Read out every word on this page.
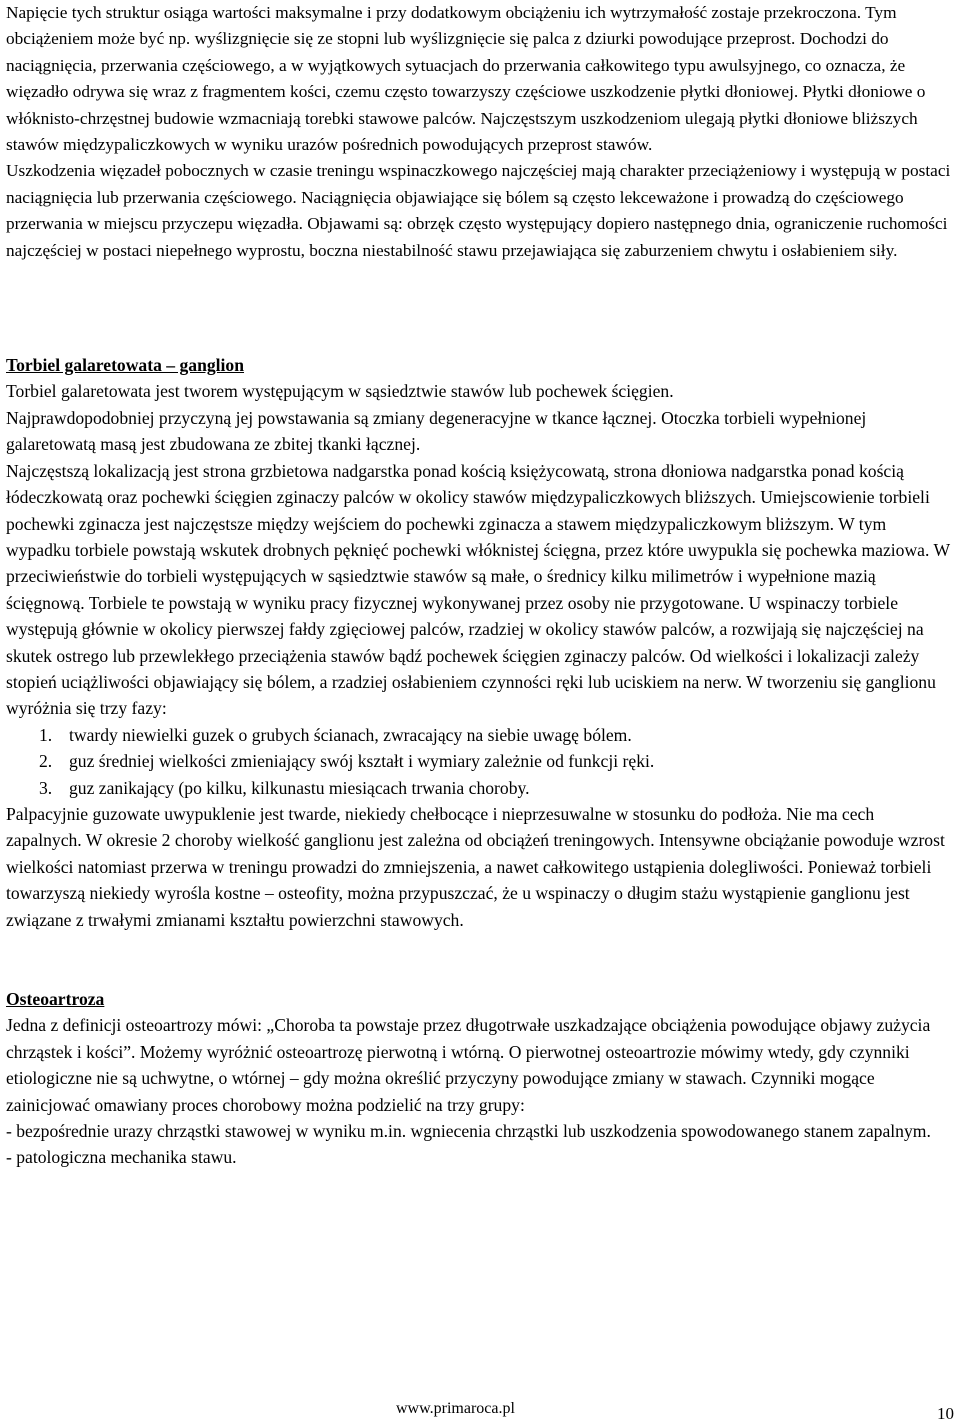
Napięcie tych struktur osiąga wartości maksymalne i przy dodatkowym obciążeniu ich wytrzymałość zostaje przekroczona. Tym obciążeniem może być np. wyślizgnięcie się ze stopni lub wyślizgnięcie się palca z dziurki powodujące przeprost. Dochodzi do naciągnięcia, przerwania częściowego, a w wyjątkowych sytuacjach do przerwania całkowitego typu awulsyjnego, co oznacza, że więzadło odrywa się wraz z fragmentem kości, czemu często towarzyszy częściowe uszkodzenie płytki dłoniowej. Płytki dłoniowe o włóknisto-chrzęstnej budowie wzmacniają torebki stawowe palców. Najczęstszym uszkodzeniom ulegają płytki dłoniowe bliższych stawów międzypaliczkowych w wyniku urazów pośrednich powodujących przeprost stawów.

Uszkodzenia więzadeł pobocznych w czasie treningu wspinaczkowego najczęściej mają charakter przeciążeniowy i występują w postaci naciągnięcia lub przerwania częściowego. Naciągnięcia objawiające się bólem są często lekceważone i prowadzą do częściowego przerwania w miejscu przyczepu więzadła. Objawami są: obrzęk często występujący dopiero następnego dnia, ograniczenie ruchomości najczęściej w postaci niepełnego wyprostu, boczna niestabilność stawu przejawiająca się zaburzeniem chwytu i osłabieniem siły.

Torbiel galaretowata – ganglion

Torbiel galaretowata jest tworem występującym w sąsiedztwie stawów lub pochewek ścięgien.

Najprawdopodobniej przyczyną jej powstawania są zmiany degeneracyjne w tkance łącznej. Otoczka torbieli wypełnionej galaretowatą masą jest zbudowana ze zbitej tkanki łącznej.

Najczęstszą lokalizacją jest strona grzbietowa nadgarstka ponad kością księżycowatą, strona dłoniowa nadgarstka ponad kością łódeczkowatą oraz pochewki ścięgien zginaczy palców w okolicy stawów międzypaliczkowych bliższych. Umiejscowienie torbieli pochewki zginacza jest najczęstsze między wejściem do pochewki zginacza a stawem międzypaliczkowym bliższym. W tym wypadku torbiele powstają wskutek drobnych pęknięć pochewki włóknistej ścięgna, przez które uwypukla się pochewka maziowa. W przeciwieństwie do torbieli występujących w sąsiedztwie stawów są małe, o średnicy kilku milimetrów i wypełnione mazią ścięgnową. Torbiele te powstają w wyniku pracy fizycznej wykonywanej przez osoby nie przygotowane. U wspinaczy torbiele występują głównie w okolicy pierwszej fałdy zgięciowej palców, rzadziej w okolicy stawów palców, a rozwijają się najczęściej na skutek ostrego lub przewlekłego przeciążenia stawów bądź pochewek ścięgien zginaczy palców. Od wielkości i lokalizacji zależy stopień uciążliwości objawiający się bólem, a rzadziej osłabieniem czynności ręki lub uciskiem na nerw. W tworzeniu się ganglionu wyróżnia się trzy fazy:

1. twardy niewielki guzek o grubych ścianach, zwracający na siebie uwagę bólem.
2. guz średniej wielkości zmieniający swój kształt i wymiary zależnie od funkcji ręki.
3. guz zanikający (po kilku, kilkunastu miesiącach trwania choroby.

Palpacyjnie guzowate uwypuklenie jest twarde, niekiedy chełbocące i nieprzesuwalne w stosunku do podłoża. Nie ma cech zapalnych. W okresie 2 choroby wielkość ganglionu jest zależna od obciążeń treningowych. Intensywne obciążanie powoduje wzrost wielkości natomiast przerwa w treningu prowadzi do zmniejszenia, a nawet całkowitego ustąpienia dolegliwości. Ponieważ torbieli towarzyszą niekiedy wyrośla kostne – osteofity, można przypuszczać, że u wspinaczy o długim stażu wystąpienie ganglionu jest związane z trwałymi zmianami kształtu powierzchni stawowych.

Osteoartroza

Jedna z definicji osteoartrozy mówi: „Choroba ta powstaje przez długotrwałe uszkadzające obciążenia powodujące objawy zużycia chrząstek i kości”. Możemy wyróżnić osteoartrozę pierwotną i wtórną. O pierwotnej osteoartrozie mówimy wtedy, gdy czynniki etiologiczne nie są uchwytne, o wtórnej – gdy można określić przyczyny powodujące zmiany w stawach. Czynniki mogące zainicjować omawiany proces chorobowy można podzielić na trzy grupy:

- bezpośrednie urazy chrząstki stawowej w wyniku m.in. wgniecenia chrząstki lub uszkodzenia spowodowanego stanem zapalnym.

- patologiczna mechanika stawu.

www.primaroca.pl	10
